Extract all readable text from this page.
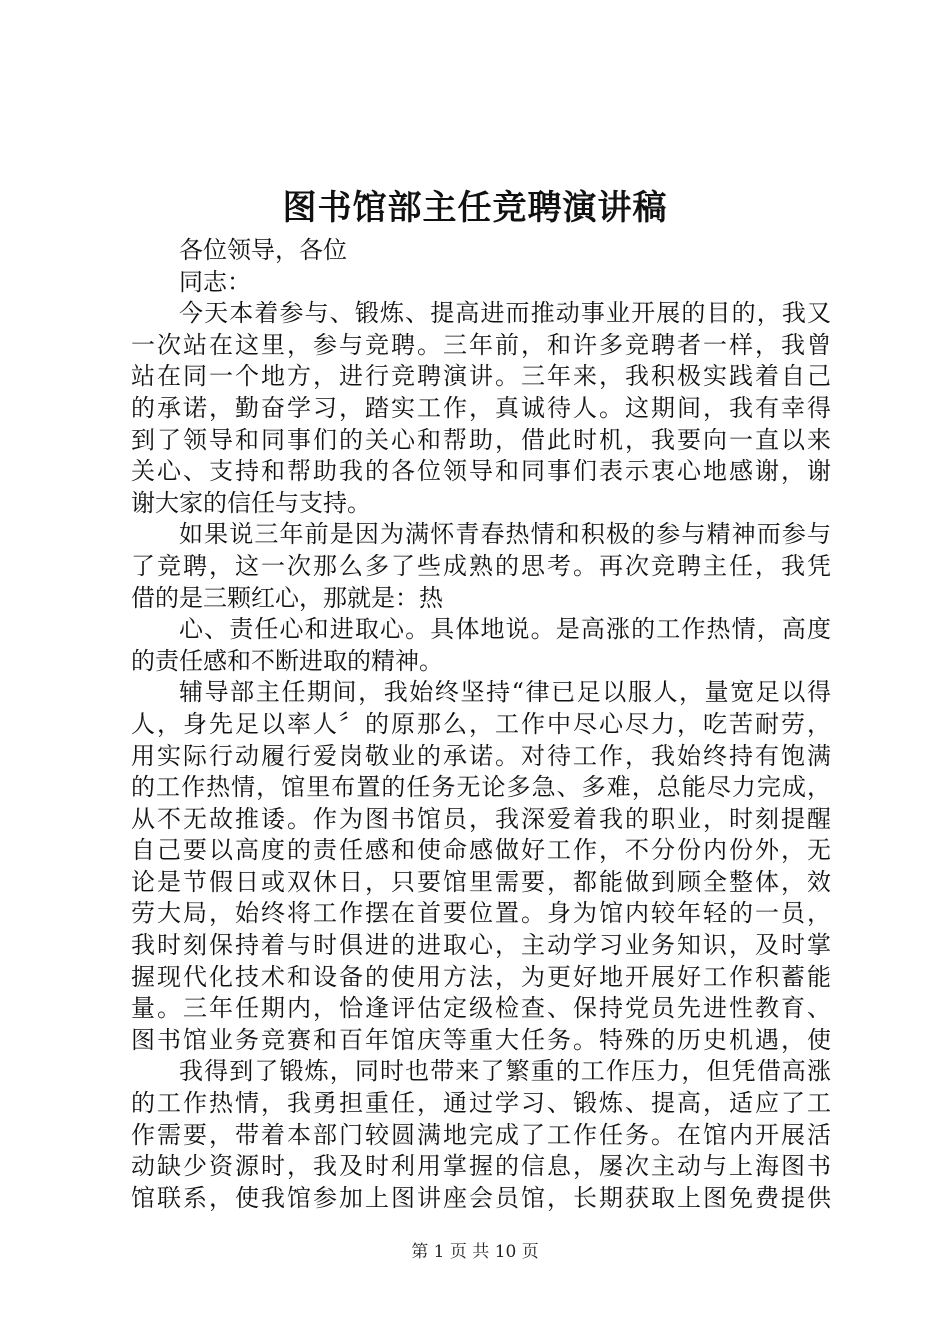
图书馆部主任竞聘演讲稿
各位领导，各位
同志：
今天本着参与、锻炼、提高进而推动事业开展的目的，我又
一次站在这里，参与竞聘。三年前，和许多竞聘者一样，我曾
站在同一个地方，进行竞聘演讲。三年来，我积极实践着自己
的承诺，勤奋学习，踏实工作，真诚待人。这期间，我有幸得
到了领导和同事们的关心和帮助，借此时机，我要向一直以来
关心、支持和帮助我的各位领导和同事们表示衷心地感谢，谢
谢大家的信任与支持。
如果说三年前是因为满怀青春热情和积极的参与精神而参与
了竞聘，这一次那么多了些成熟的思考。再次竞聘主任，我凭
借的是三颗红心，那就是：热
心、责任心和进取心。具体地说。是高涨的工作热情，高度
的责任感和不断进取的精神。
辅导部主任期间，我始终坚持“律已足以服人，量宽足以得
人，身先足以率人〞的原那么，工作中尽心尽力，吃苦耐劳，
用实际行动履行爱岗敬业的承诺。对待工作，我始终持有饱满
的工作热情，馆里布置的任务无论多急、多难，总能尽力完成，
从不无故推诿。作为图书馆员，我深爱着我的职业，时刻提醒
自己要以高度的责任感和使命感做好工作，不分份内份外，无
论是节假日或双休日，只要馆里需要，都能做到顾全整体，效
劳大局，始终将工作摆在首要位置。身为馆内较年轻的一员，
我时刻保持着与时俱进的进取心，主动学习业务知识，及时掌
握现代化技术和设备的使用方法，为更好地开展好工作积蓄能
量。三年任期内，恰逢评估定级检查、保持党员先进性教育、
图书馆业务竞赛和百年馆庆等重大任务。特殊的历史机遇，使
我得到了锻炼，同时也带来了繁重的工作压力，但凭借高涨
的工作热情，我勇担重任，通过学习、锻炼、提高，适应了工
作需要，带着本部门较圆满地完成了工作任务。在馆内开展活
动缺少资源时，我及时利用掌握的信息，屡次主动与上海图书
馆联系，使我馆参加上图讲座会员馆，长期获取上图免费提供
第 1 页 共 10 页
